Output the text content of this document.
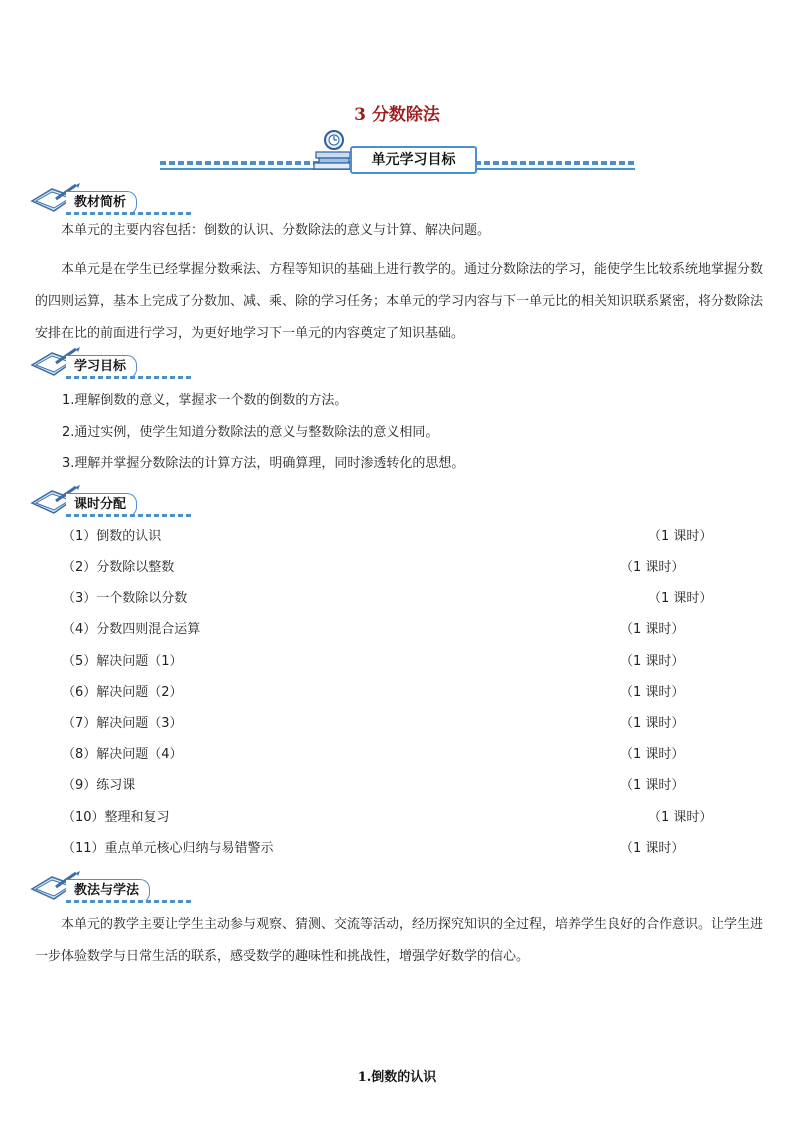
3 分数除法
单元学习目标
教材简析
本单元的主要内容包括：倒数的认识、分数除法的意义与计算、解决问题。
本单元是在学生已经掌握分数乘法、方程等知识的基础上进行教学的。通过分数除法的学习，能使学生比较系统地掌握分数的四则运算，基本上完成了分数加、减、乘、除的学习任务；本单元的学习内容与下一单元比的相关知识联系紧密，将分数除法安排在比的前面进行学习，为更好地学习下一单元的内容奠定了知识基础。
学习目标
1.理解倒数的意义，掌握求一个数的倒数的方法。
2.通过实例，使学生知道分数除法的意义与整数除法的意义相同。
3.理解并掌握分数除法的计算方法，明确算理，同时渗透转化的思想。
课时分配
（1）倒数的认识	（1 课时）
（2）分数除以整数	（1 课时）
（3）一个数除以分数	（1 课时）
（4）分数四则混合运算	（1 课时）
（5）解决问题（1）	（1 课时）
（6）解决问题（2）	（1 课时）
（7）解决问题（3）	（1 课时）
（8）解决问题（4）	（1 课时）
（9）练习课	（1 课时）
（10）整理和复习	（1 课时）
（11）重点单元核心归纳与易错警示	（1 课时）
教法与学法
本单元的教学主要让学生主动参与观察、猜测、交流等活动，经历探究知识的全过程，培养学生良好的合作意识。让学生进一步体验数学与日常生活的联系，感受数学的趣味性和挑战性，增强学好数学的信心。
1.倒数的认识
